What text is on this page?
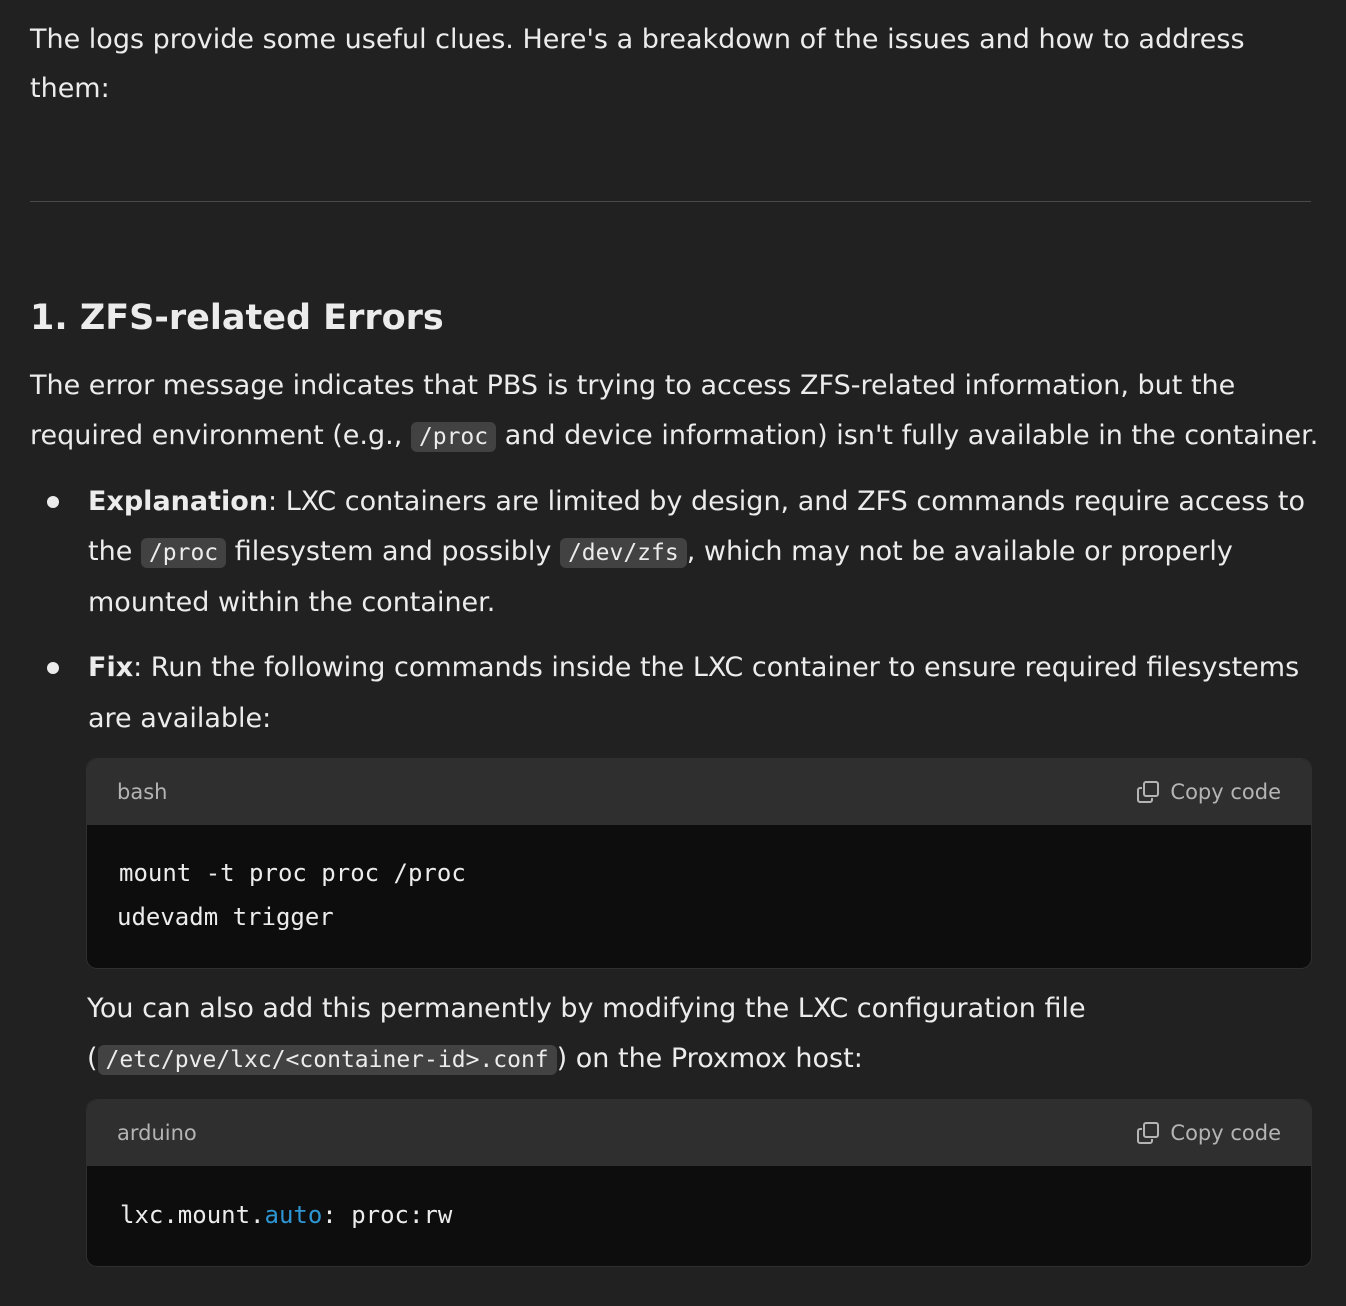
The logs provide some useful clues. Here's a breakdown of the issues and how to address

them:

1. ZFS-related Errors

The error message indicates that PBS is trying to access ZFS-related information, but the

required environment (e.g., /proc and device information) isn't fully available in the container.

Explanation: LXC containers are limited by design, and ZFS commands require access to

the /proc filesystem and possibly /dev/zfs , which may not be available or properly

mounted within the container.

Fix: Run the following commands inside the LXC container to ensure required filesystems

are available:

bash	Copy code
mount -t proc proc /proc
udevadm trigger

You can also add this permanently by modifying the LXC configuration file

( /etc/pve/lxc/<container-id>.conf ) on the Proxmox host:

arduino	Copy code
lxc.mount.auto: proc:rw
